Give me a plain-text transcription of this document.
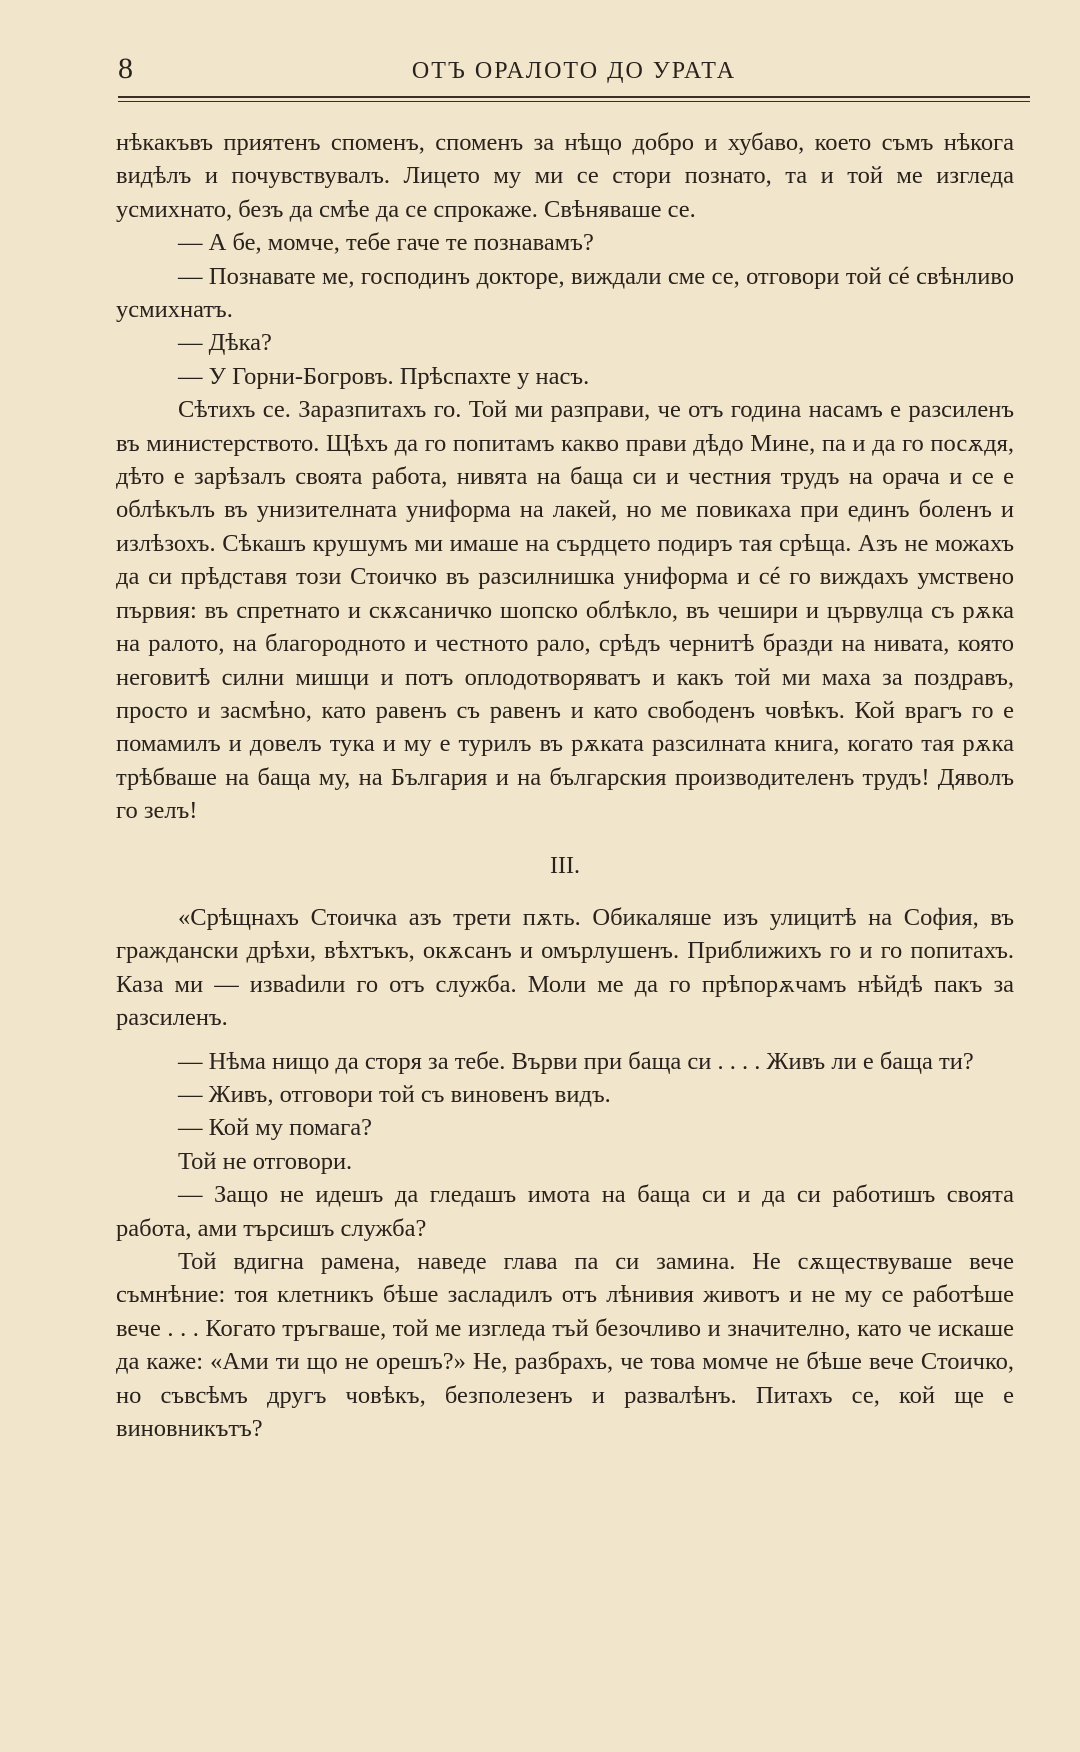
8	ОТЪ ОРАЛОТО ДО УРАТА

нѣкакъвъ приятенъ споменъ, споменъ за нѣщо добро и хубаво, което съмъ нѣкога видѣлъ и почувствувалъ. Лицето му ми се стори познато, та и той ме изгледа усмихнато, безъ да смѣе да се спрокаже. Свѣняваше се.

— А бе, момче, тебе гаче те познавамъ?

— Познавате ме, господинъ докторе, виждали сме се, отговори той сé свѣнливо усмихнатъ.

— Дѣка?

— У Горни-Богровъ. Прѣспахте у насъ.

Сѣтихъ се. Заразпитахъ го. Той ми разправи, че отъ година насамъ е разсиленъ въ министерството. Щѣхъ да го попитамъ какво прави дѣдо Мине, па и да го посѫдя, дѣто е зарѣзалъ своята работа, нивята на баща си и честния трудъ на орача и се е облѣкълъ въ унизителната униформа на лакей, но ме повикаха при единъ боленъ и излѣзохъ. Сѣкашъ крушумъ ми имаше на сърдцето подиръ тая срѣща. Азъ не можахъ да си прѣдставя този Стоичко въ разсилнишка униформа и сé го виждахъ умствено първия: въ спретнато и скѫсаничко шопско облѣкло, въ чешири и цървулца съ рѫка на ралото, на благородното и честното рало, срѣдъ чернитѣ бразди на нивата, която неговитѣ силни мишци и потъ оплодотворяватъ и какъ той ми маха за поздравъ, просто и засмѣно, като равенъ съ равенъ и като свободенъ човѣкъ. Кой врагъ го е помамилъ и довелъ тука и му е турилъ въ рѫката разсилната книга, когато тая рѫка трѣбваше на баща му, на България и на българския производителенъ трудъ! Дяволъ го зелъ!

III.

«Срѣщнахъ Стоичка азъ трети пѫть. Обикаляше изъ улицитѣ на София, въ граждански дрѣхи, вѣхтъкъ, окѫсанъ и омърлушенъ. Приближихъ го и го попитахъ. Каза ми — изваdили го отъ служба. Моли ме да го прѣпорѫчамъ нѣйдѣ пакъ за разсиленъ.

— Нѣма нищо да сторя за тебе. Върви при баща си . . . . Живъ ли е баща ти?

— Живъ, отговори той съ виновенъ видъ.

— Кой му помага?

Той не отговори.

— Защо не идешъ да гледашъ имота на баща си и да си работишъ своята работа, ами търсишъ служба?

Той вдигна рамена, наведе глава па си замина. Не сѫществуваше вече съмнѣние: тоя клетникъ бѣше засладилъ отъ лѣнивия животъ и не му се работѣше вече . . . Когато тръгваше, той ме изгледа тъй безочливо и значително, като че искаше да каже: «Ами ти що не орешъ?» Не, разбрахъ, че това момче не бѣше вече Стоичко, но съвсѣмъ другъ човѣкъ, безполезенъ и развалѣнъ. Питахъ се, кой ще е виновникътъ?
